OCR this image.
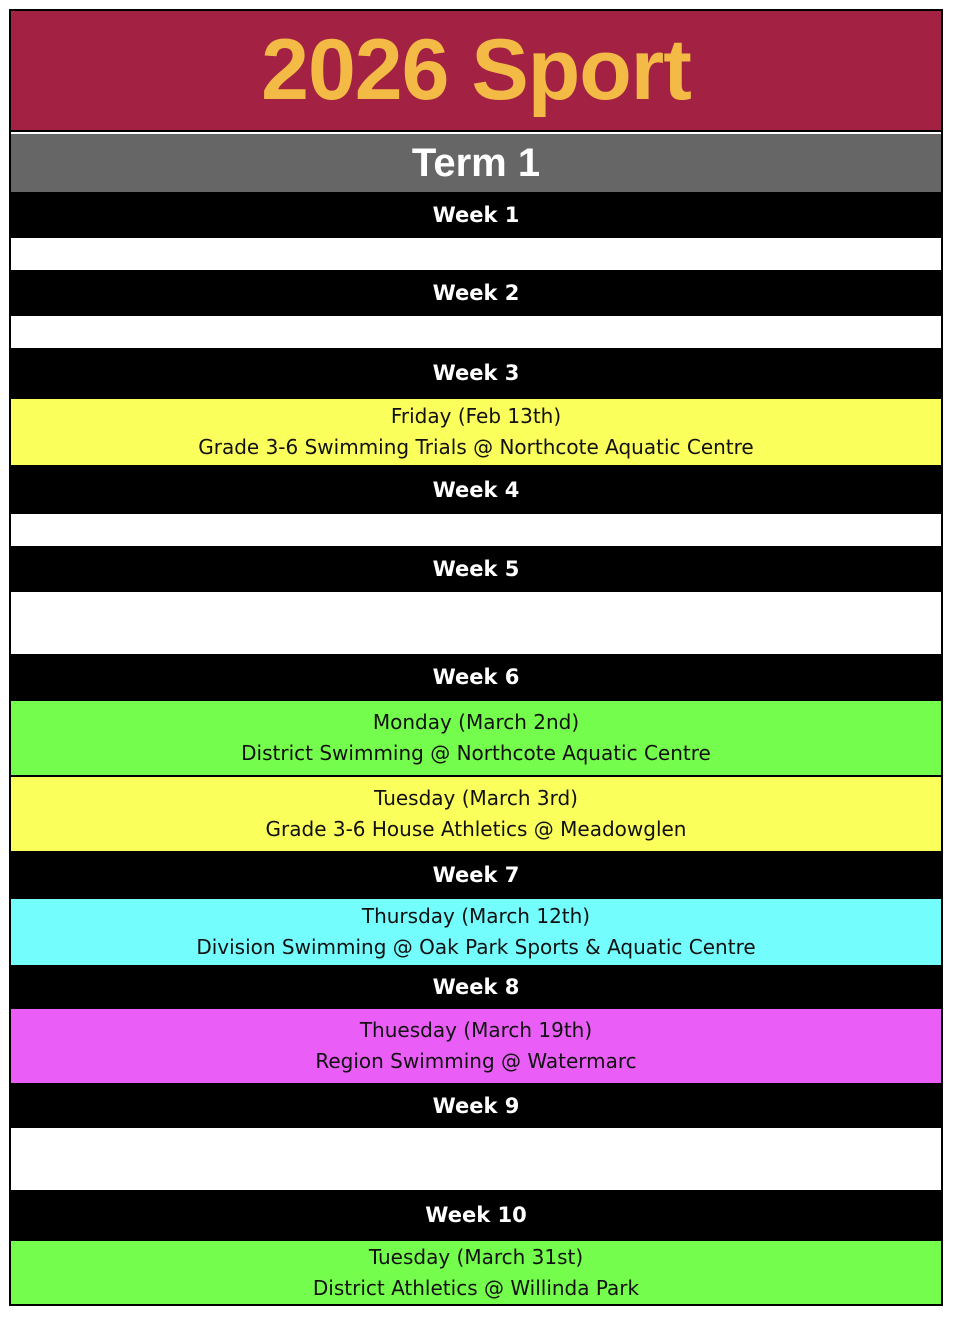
2026 Sport
Term 1
Week 1
Week 2
Week 3
Friday (Feb 13th)
Grade 3-6 Swimming Trials @ Northcote Aquatic Centre
Week 4
Week 5
Week 6
Monday (March 2nd)
District Swimming @ Northcote Aquatic Centre
Tuesday (March 3rd)
Grade 3-6 House Athletics @ Meadowglen
Week 7
Thursday (March 12th)
Division Swimming @ Oak Park Sports & Aquatic Centre
Week 8
Thuesday (March 19th)
Region Swimming @ Watermarc
Week 9
Week 10
Tuesday (March 31st)
District Athletics @ Willinda Park
